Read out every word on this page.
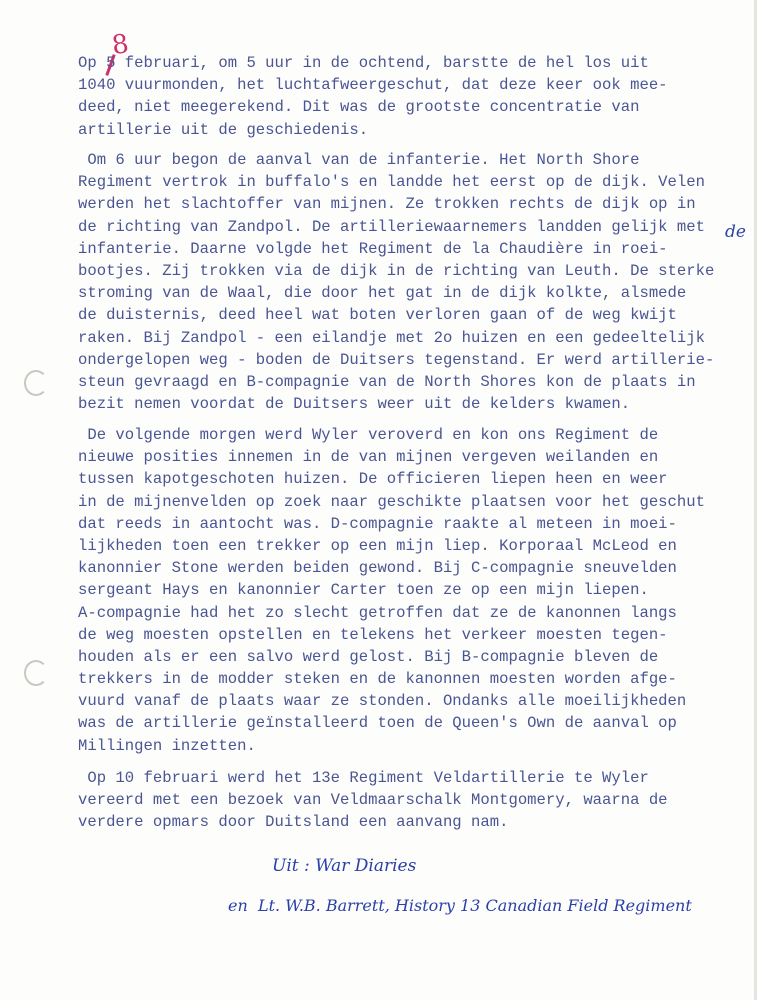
8
de
Op 5 februari, om 5 uur in de ochtend, barstte de hel los uit
1040 vuurmonden, het luchtafweergeschut, dat deze keer ook mee-
deed, niet meegerekend. Dit was de grootste concentratie van
artillerie uit de geschiedenis.
Om 6 uur begon de aanval van de infanterie. Het North Shore
Regiment vertrok in buffalo's en landde het eerst op de dijk. Velen
werden het slachtoffer van mijnen. Ze trokken rechts de dijk op in
de richting van Zandpol. De artilleriewaarnemers landden gelijk met
infanterie. Daarne volgde het Regiment de la Chaudière in roei-
bootjes. Zij trokken via de dijk in de richting van Leuth. De sterke
stroming van de Waal, die door het gat in de dijk kolkte, alsmede
de duisternis, deed heel wat boten verloren gaan of de weg kwijt
raken. Bij Zandpol - een eilandje met 2o huizen en een gedeeltelijk
ondergelopen weg - boden de Duitsers tegenstand. Er werd artillerie-
steun gevraagd en B-compagnie van de North Shores kon de plaats in
bezit nemen voordat de Duitsers weer uit de kelders kwamen.
De volgende morgen werd Wyler veroverd en kon ons Regiment de
nieuwe posities innemen in de van mijnen vergeven weilanden en
tussen kapotgeschoten huizen. De officieren liepen heen en weer
in de mijnenvelden op zoek naar geschikte plaatsen voor het geschut
dat reeds in aantocht was. D-compagnie raakte al meteen in moei-
lijkheden toen een trekker op een mijn liep. Korporaal McLeod en
kanonnier Stone werden beiden gewond. Bij C-compagnie sneuvelden
sergeant Hays en kanonnier Carter toen ze op een mijn liepen.
A-compagnie had het zo slecht getroffen dat ze de kanonnen langs
de weg moesten opstellen en telekens het verkeer moesten tegen-
houden als er een salvo werd gelost. Bij B-compagnie bleven de
trekkers in de modder steken en de kanonnen moesten worden afge-
vuurd vanaf de plaats waar ze stonden. Ondanks alle moeilijkheden
was de artillerie geïnstalleerd toen de Queen's Own de aanval op
Millingen inzetten.
Op 10 februari werd het 13e Regiment Veldartillerie te Wyler
vereerd met een bezoek van Veldmaarschalk Montgomery, waarna de
verdere opmars door Duitsland een aanvang nam.
Uit : War Diaries
en  Lt. W.B. Barrett, History 13 Canadian Field Regiment
